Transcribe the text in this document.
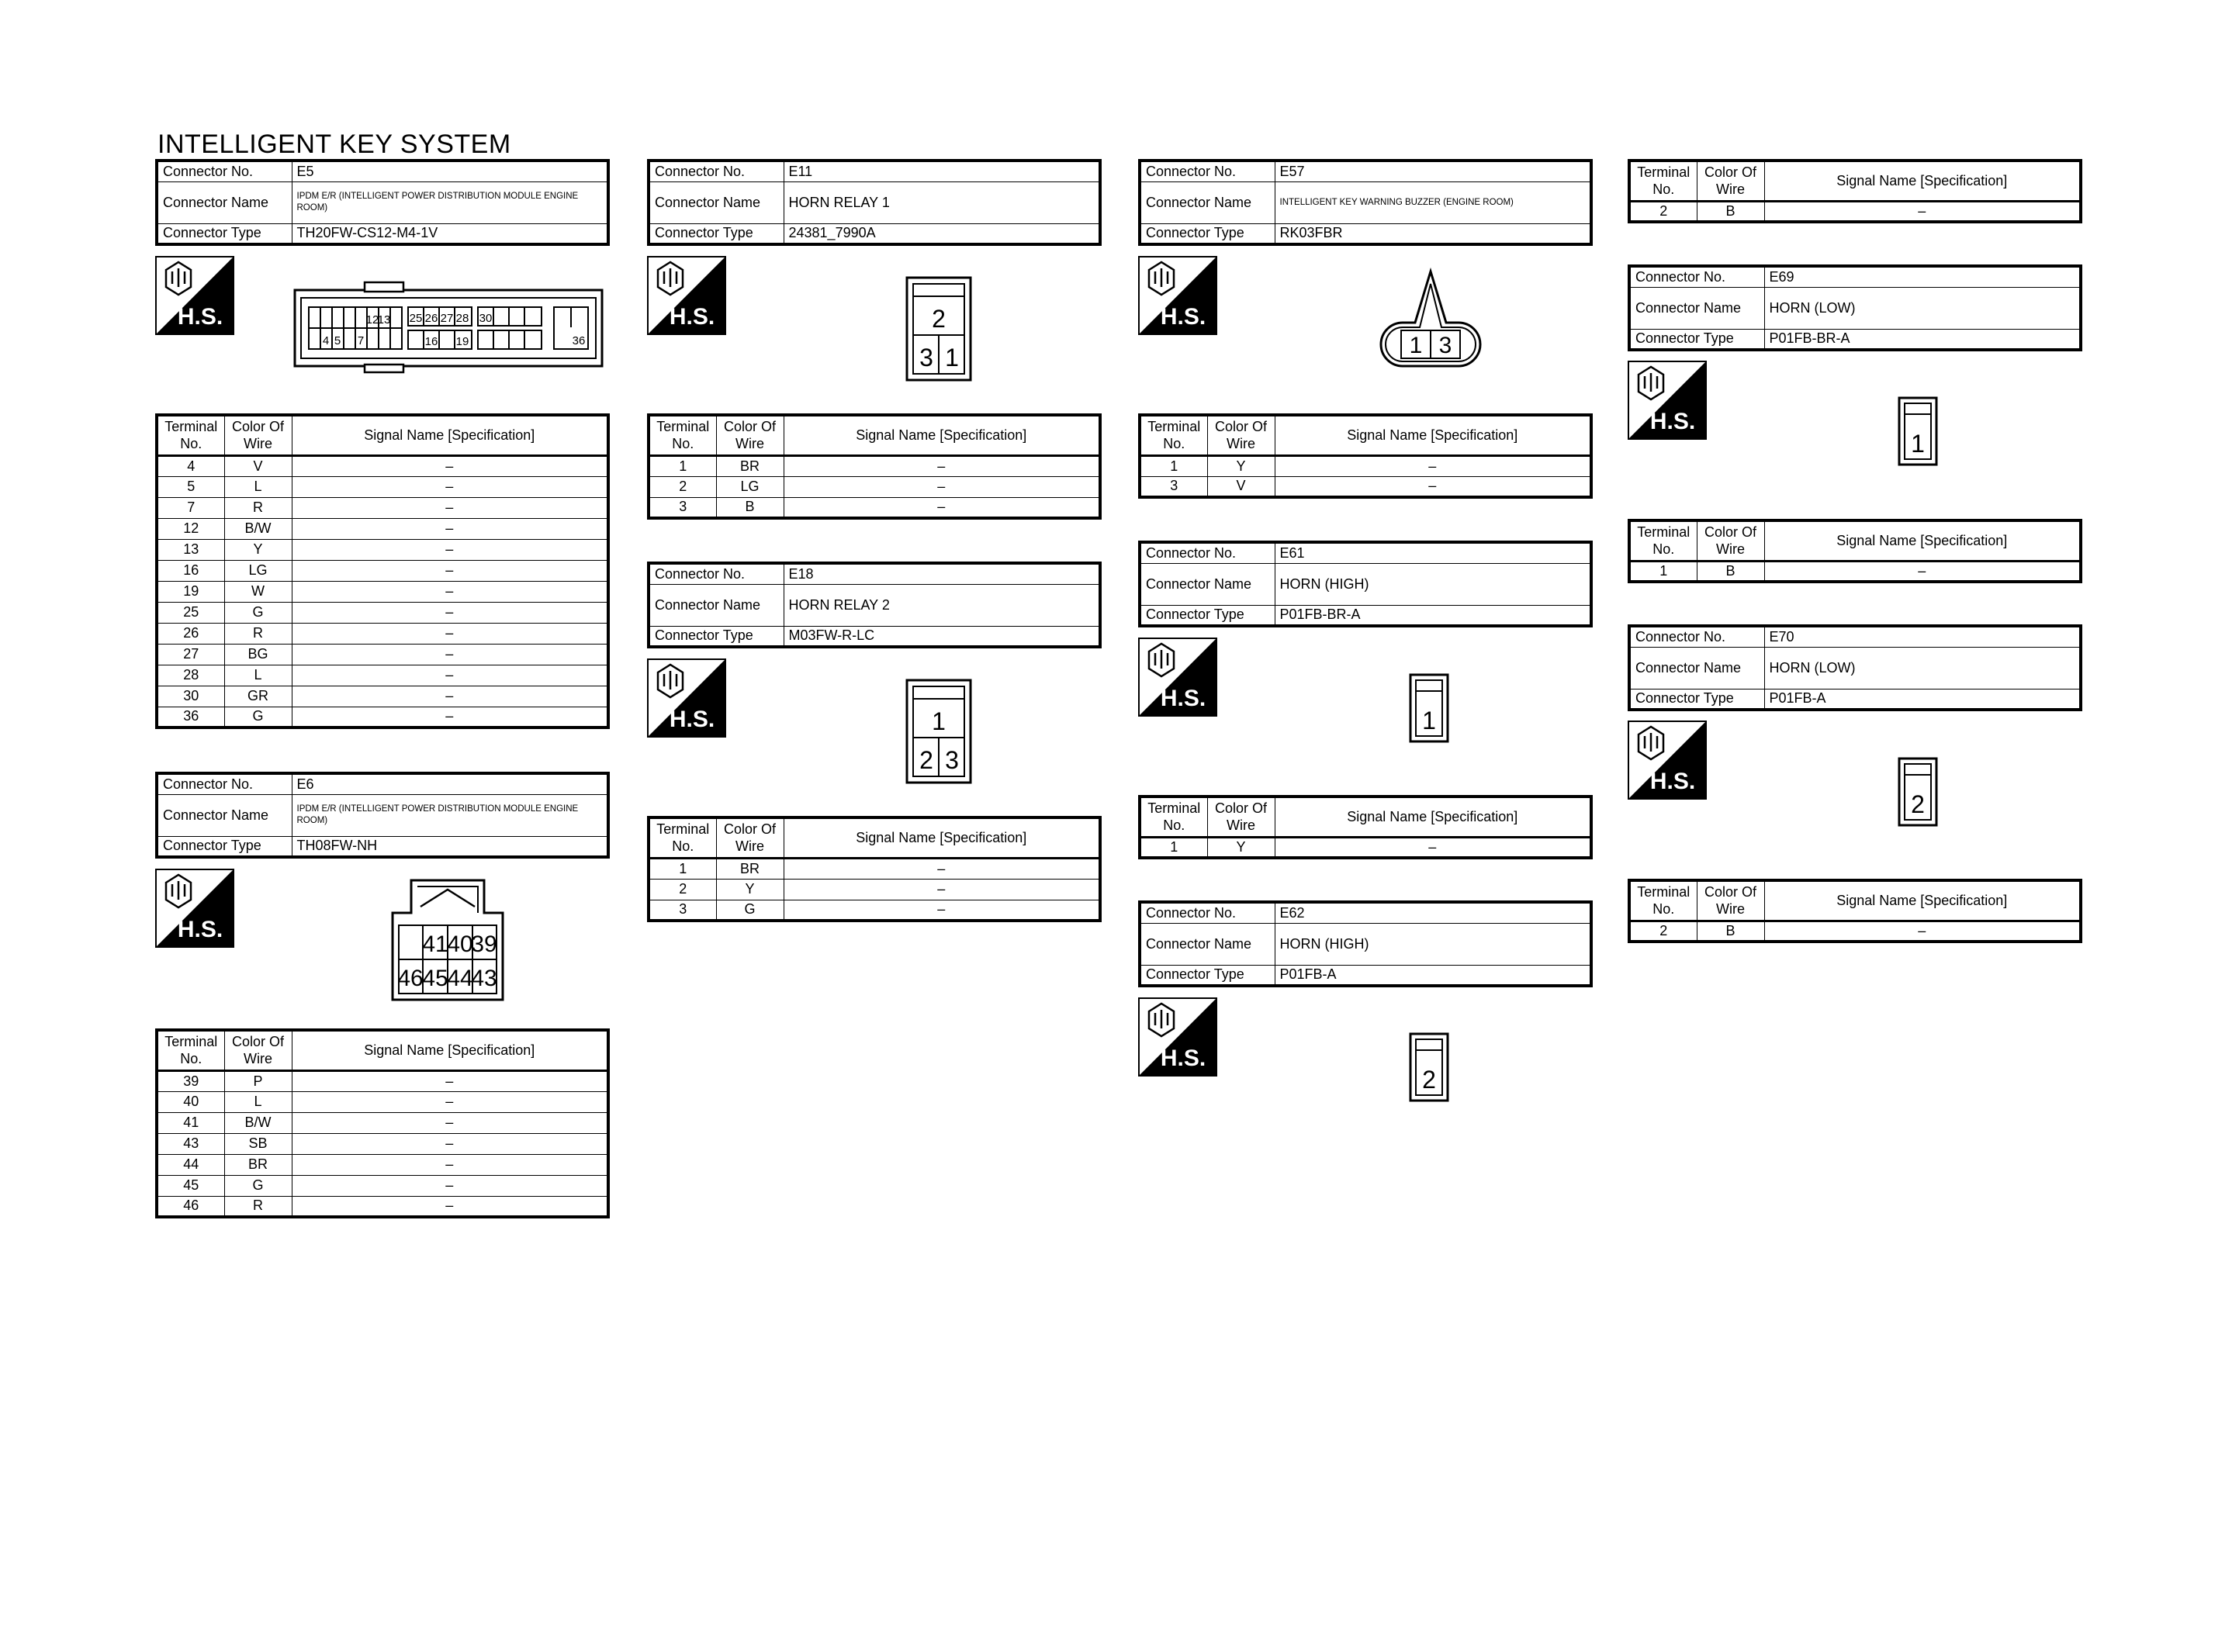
INTELLIGENT KEY SYSTEM
Connector No.	E5
Connector Name	IPDM E/R (INTELLIGENT POWER DISTRIBUTION MODULE ENGINE ROOM)
Connector Type	TH20FW-CS12-M4-1V
H.S.	12
13 25 26 27 28 30
4 5 7	16 19	36
Terminal No.	Color Of Wire	Signal Name [Specification]
4	V	–
5	L	–
7	R	–
12	B/W	–
13	Y	–
16	LG	–
19	W	–
25	G	–
26	R	–
27	BG	–
28	L	–
30	GR	–
36	G	–
Connector No.	E6
Connector Name	IPDM E/R (INTELLIGENT POWER DISTRIBUTION MODULE ENGINE ROOM)
Connector Type	TH08FW-NH
H.S.
41
40
39
46
45
44
43
Terminal No.	Color Of Wire	Signal Name [Specification]
39	P	–
40	L	–
41	B/W	–
43	SB	–
44	BR	–
45	G	–
46	R	–
Connector No.	E11
Connector Name	HORN RELAY 1
Connector Type	24381_7990A
H.S.	2
3 1
Terminal No.	Color Of Wire	Signal Name [Specification]
1	BR	–
2	LG	–
3	B	–
Connector No.	E18
Connector Name	HORN RELAY 2
Connector Type	M03FW-R-LC
H.S.	1
2 3
Terminal No.	Color Of Wire	Signal Name [Specification]
1	BR	–
2	Y	–
3	G	–
Connector No.	E57
Connector Name	INTELLIGENT KEY WARNING BUZZER (ENGINE ROOM)
Connector Type	RK03FBR
H.S.
1 3
Terminal No.	Color Of Wire	Signal Name [Specification]
1	Y	–
3	V	–
Connector No.	E61
Connector Name	HORN (HIGH)
Connector Type	P01FB-BR-A
H.S.
1
Terminal No.	Color Of Wire	Signal Name [Specification]
1	Y	–
Connector No.	E62
Connector Name	HORN (HIGH)
Connector Type	P01FB-A
H.S.
2
Terminal No.	Color Of Wire	Signal Name [Specification]
2	B	–
Connector No.	E69
Connector Name	HORN (LOW)
Connector Type	P01FB-BR-A
H.S.
1
Terminal No.	Color Of Wire	Signal Name [Specification]
1	B	–
Connector No.	E70
Connector Name	HORN (LOW)
Connector Type	P01FB-A
H.S.
2
Terminal No.	Color Of Wire	Signal Name [Specification]
2	B	–
